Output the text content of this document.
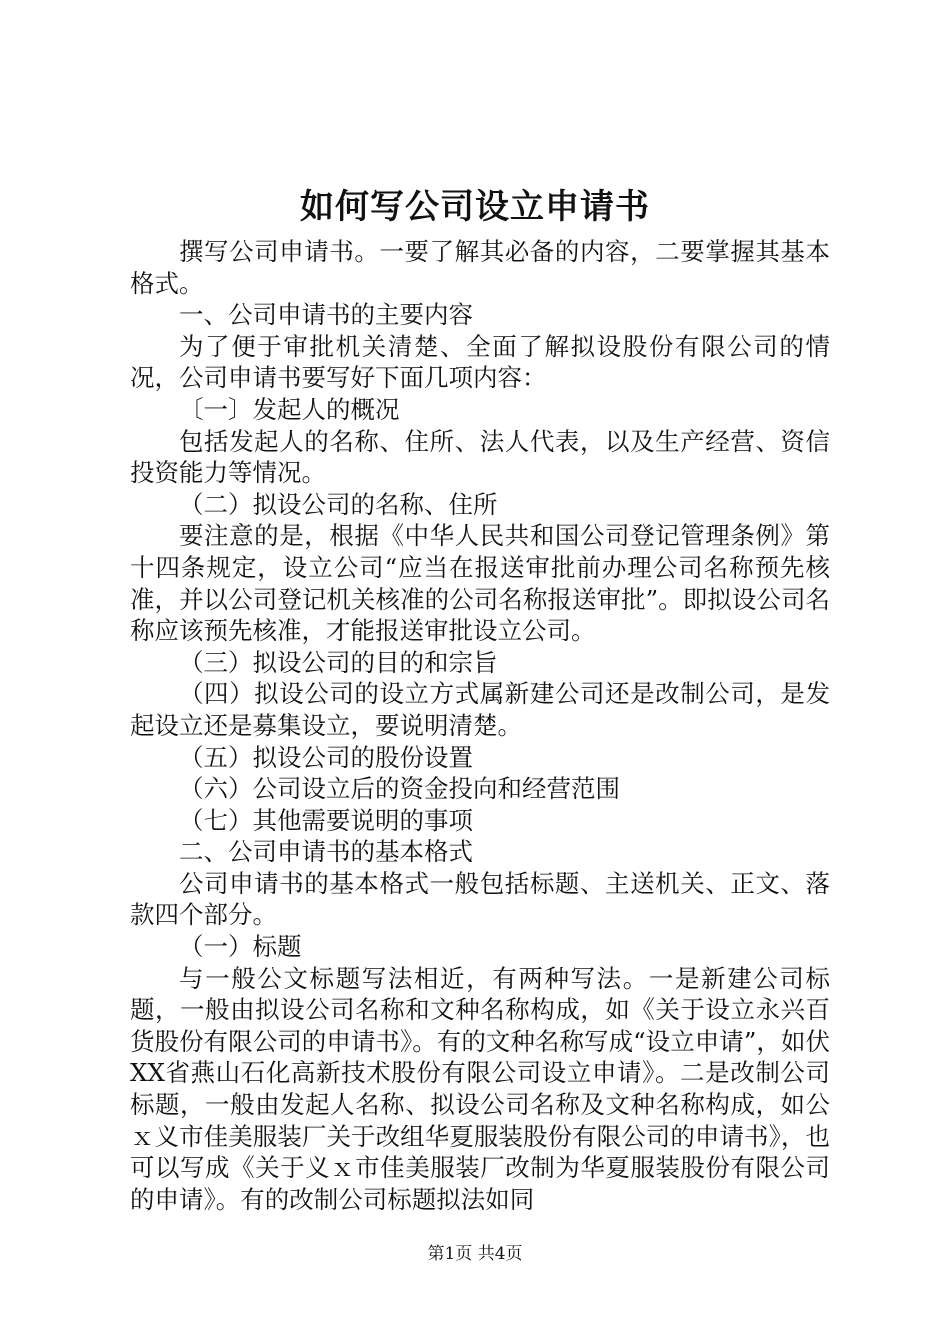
如何写公司设立申请书

撰写公司申请书。一要了解其必备的内容，二要掌握其基本格式。

一、公司申请书的主要内容

为了便于审批机关清楚、全面了解拟设股份有限公司的情况，公司申请书要写好下面几项内容：

〔一〕发起人的概况

包括发起人的名称、住所、法人代表，以及生产经营、资信投资能力等情况。

（二）拟设公司的名称、住所

要注意的是，根据《中华人民共和国公司登记管理条例》第十四条规定，设立公司“应当在报送审批前办理公司名称预先核准，并以公司登记机关核准的公司名称报送审批”。即拟设公司名称应该预先核准，才能报送审批设立公司。

（三）拟设公司的目的和宗旨

（四）拟设公司的设立方式属新建公司还是改制公司，是发起设立还是募集设立，要说明清楚。

（五）拟设公司的股份设置

（六）公司设立后的资金投向和经营范围

（七）其他需要说明的事项

二、公司申请书的基本格式

公司申请书的基本格式一般包括标题、主送机关、正文、落款四个部分。

（一）标题

与一般公文标题写法相近，有两种写法。一是新建公司标题，一般由拟设公司名称和文种名称构成，如《关于设立永兴百货股份有限公司的申请书》。有的文种名称写成“设立申请”，如伏XX省燕山石化高新技术股份有限公司设立申请》。二是改制公司标题，一般由发起人名称、拟设公司名称及文种名称构成，如公ｘ义市佳美服装厂关于改组华夏服装股份有限公司的申请书》，也可以写成《关于义ｘ市佳美服装厂改制为华夏服装股份有限公司的申请》。有的改制公司标题拟法如同

第1页 共4页
